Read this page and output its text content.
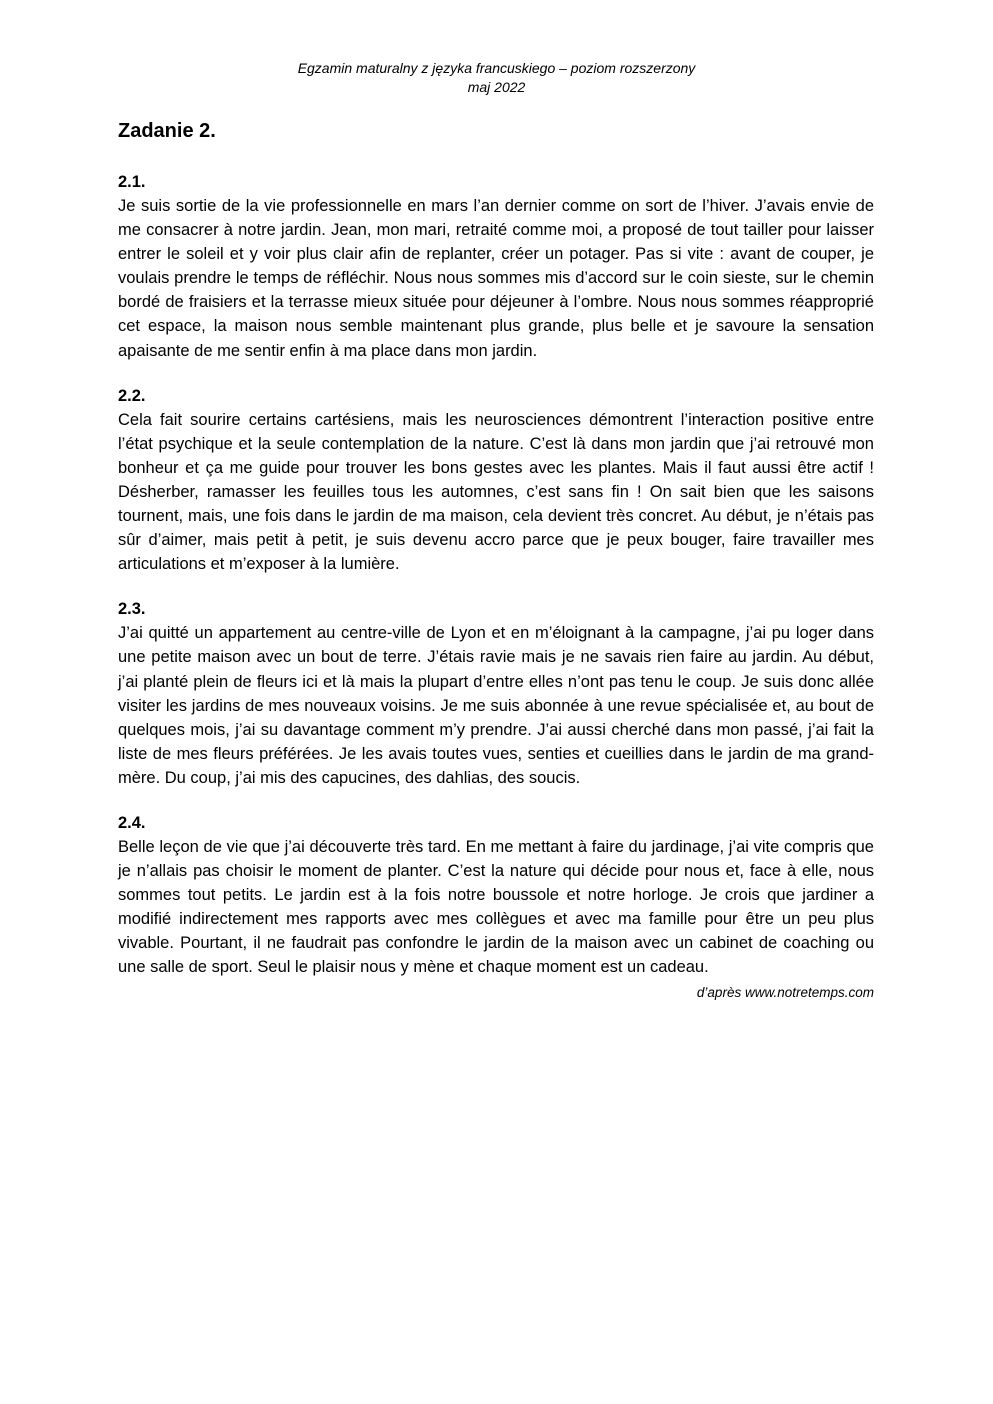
Egzamin maturalny z języka francuskiego – poziom rozszerzony
maj 2022
Zadanie 2.
2.1.

Je suis sortie de la vie professionnelle en mars l’an dernier comme on sort de l’hiver. J’avais envie de me consacrer à notre jardin. Jean, mon mari, retraité comme moi, a proposé de tout tailler pour laisser entrer le soleil et y voir plus clair afin de replanter, créer un potager. Pas si vite : avant de couper, je voulais prendre le temps de réfléchir. Nous nous sommes mis d’accord sur le coin sieste, sur le chemin bordé de fraisiers et la terrasse mieux située pour déjeuner à l’ombre. Nous nous sommes réapproprié cet espace, la maison nous semble maintenant plus grande, plus belle et je savoure la sensation apaisante de me sentir enfin à ma place dans mon jardin.

2.2.

Cela fait sourire certains cartésiens, mais les neurosciences démontrent l’interaction positive entre l’état psychique et la seule contemplation de la nature. C’est là dans mon jardin que j’ai retrouvé mon bonheur et ça me guide pour trouver les bons gestes avec les plantes. Mais il faut aussi être actif ! Désherber, ramasser les feuilles tous les automnes, c’est sans fin ! On sait bien que les saisons tournent, mais, une fois dans le jardin de ma maison, cela devient très concret. Au début, je n’étais pas sûr d’aimer, mais petit à petit, je suis devenu accro parce que je peux bouger, faire travailler mes articulations et m’exposer à la lumière.

2.3.

J’ai quitté un appartement au centre-ville de Lyon et en m’éloignant à la campagne, j’ai pu loger dans une petite maison avec un bout de terre. J’étais ravie mais je ne savais rien faire au jardin. Au début, j’ai planté plein de fleurs ici et là mais la plupart d’entre elles n’ont pas tenu le coup. Je suis donc allée visiter les jardins de mes nouveaux voisins. Je me suis abonnée à une revue spécialisée et, au bout de quelques mois, j’ai su davantage comment m’y prendre. J’ai aussi cherché dans mon passé, j’ai fait la liste de mes fleurs préférées. Je les avais toutes vues, senties et cueillies dans le jardin de ma grand-mère. Du coup, j’ai mis des capucines, des dahlias, des soucis.

2.4.

Belle leçon de vie que j’ai découverte très tard. En me mettant à faire du jardinage, j’ai vite compris que je n’allais pas choisir le moment de planter. C’est la nature qui décide pour nous et, face à elle, nous sommes tout petits. Le jardin est à la fois notre boussole et notre horloge. Je crois que jardiner a modifié indirectement mes rapports avec mes collègues et avec ma famille pour être un peu plus vivable. Pourtant, il ne faudrait pas confondre le jardin de la maison avec un cabinet de coaching ou une salle de sport. Seul le plaisir nous y mène et chaque moment est un cadeau.

d’après www.notretemps.com
